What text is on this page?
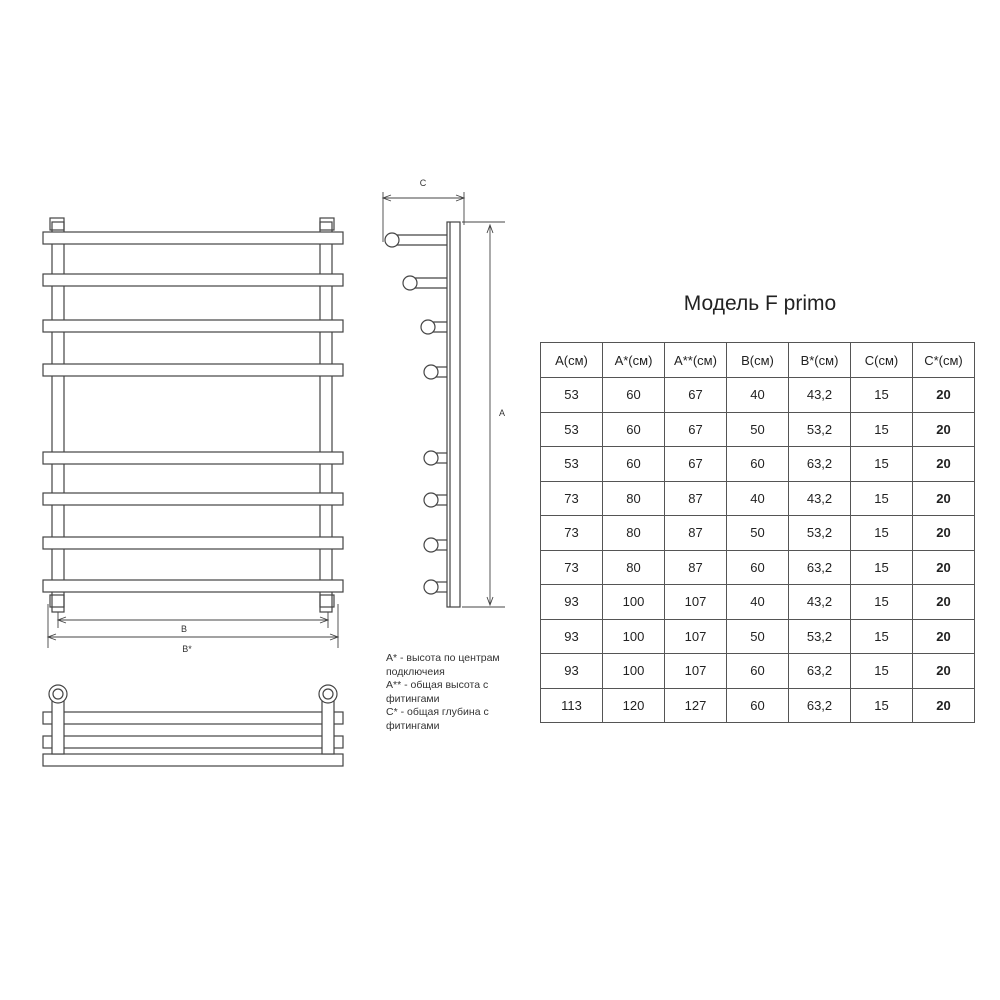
B
B*
C
A
Модель F primo
A* - высота по центрам подключеия
A** - общая высота с фитингами
C* - общая глубина с фитингами
A(см)	A*(см)	A**(см)	B(см)	B*(см)	C(см)	C*(см)
53	60	67	40	43,2	15	20
53	60	67	50	53,2	15	20
53	60	67	60	63,2	15	20
73	80	87	40	43,2	15	20
73	80	87	50	53,2	15	20
73	80	87	60	63,2	15	20
93	100	107	40	43,2	15	20
93	100	107	50	53,2	15	20
93	100	107	60	63,2	15	20
113	120	127	60	63,2	15	20
